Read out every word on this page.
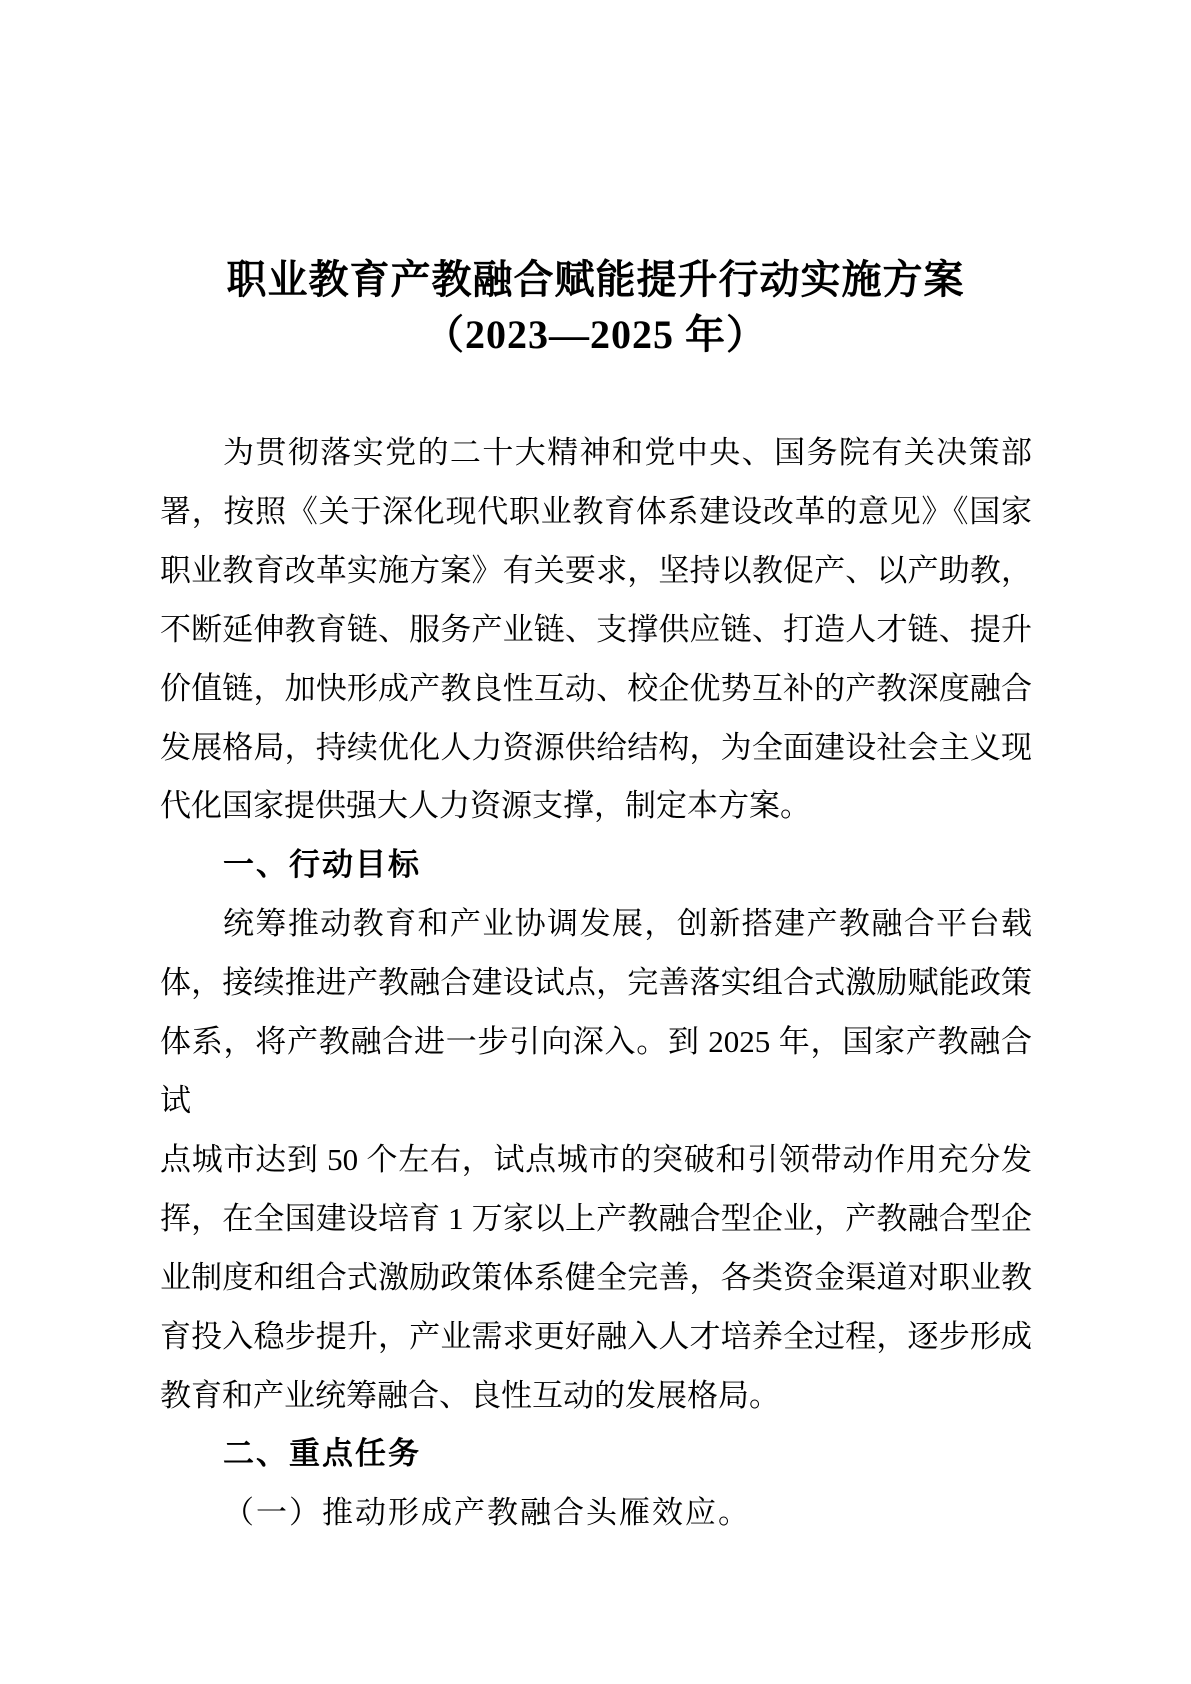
职业教育产教融合赋能提升行动实施方案
（2023—2025 年）
为贯彻落实党的二十大精神和党中央、国务院有关决策部
署，按照《关于深化现代职业教育体系建设改革的意见》《国家
职业教育改革实施方案》有关要求，坚持以教促产、以产助教，
不断延伸教育链、服务产业链、支撑供应链、打造人才链、提升
价值链，加快形成产教良性互动、校企优势互补的产教深度融合
发展格局，持续优化人力资源供给结构，为全面建设社会主义现
代化国家提供强大人力资源支撑，制定本方案。
一、行动目标
统筹推动教育和产业协调发展，创新搭建产教融合平台载
体，接续推进产教融合建设试点，完善落实组合式激励赋能政策
体系，将产教融合进一步引向深入。到 2025 年，国家产教融合试
点城市达到 50 个左右，试点城市的突破和引领带动作用充分发
挥，在全国建设培育 1 万家以上产教融合型企业，产教融合型企
业制度和组合式激励政策体系健全完善，各类资金渠道对职业教
育投入稳步提升，产业需求更好融入人才培养全过程，逐步形成
教育和产业统筹融合、良性互动的发展格局。
二、重点任务
（一）推动形成产教融合头雁效应。
